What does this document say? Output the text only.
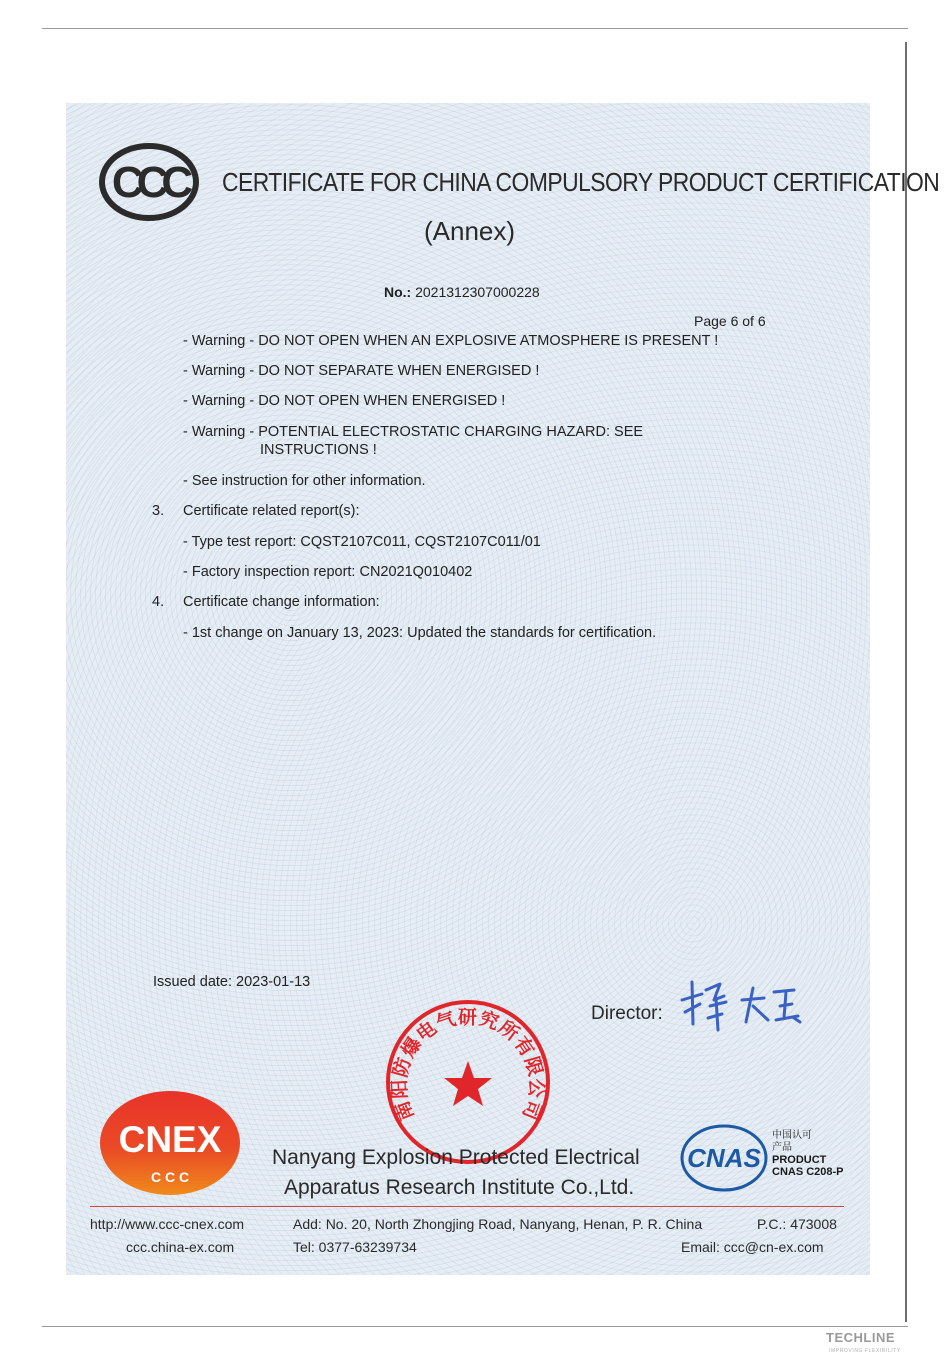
CCC CERTIFICATE FOR CHINA COMPULSORY PRODUCT CERTIFICATION
(Annex)
No.: 2021312307000228
Page 6 of 6
- Warning - DO NOT OPEN WHEN AN EXPLOSIVE ATMOSPHERE IS PRESENT !
- Warning - DO NOT SEPARATE WHEN ENERGISED !
- Warning - DO NOT OPEN WHEN ENERGISED !
- Warning - POTENTIAL ELECTROSTATIC CHARGING HAZARD: SEE
INSTRUCTIONS !
- See instruction for other information.
3. Certificate related report(s):
- Type test report: CQST2107C011, CQST2107C011/01
- Factory inspection report: CN2021Q010402
4. Certificate change information:
- 1st change on January 13, 2023: Updated the standards for certification.
Issued date: 2023-01-13
Director:
南阳防爆电气研究所有限公司
CNEX
C C C
Nanyang Explosion Protected Electrical
Apparatus Research Institute Co.,Ltd.
CNAS
中国认可
产品
PRODUCT
CNAS C208-P
http://www.ccc-cnex.com
ccc.china-ex.com
Add: No. 20, North Zhongjing Road, Nanyang, Henan, P. R. China	P.C.: 473008
Tel: 0377-63239734	Email: ccc@cn-ex.com
TECHLINE
IMPROVING FLEXIBILITY
